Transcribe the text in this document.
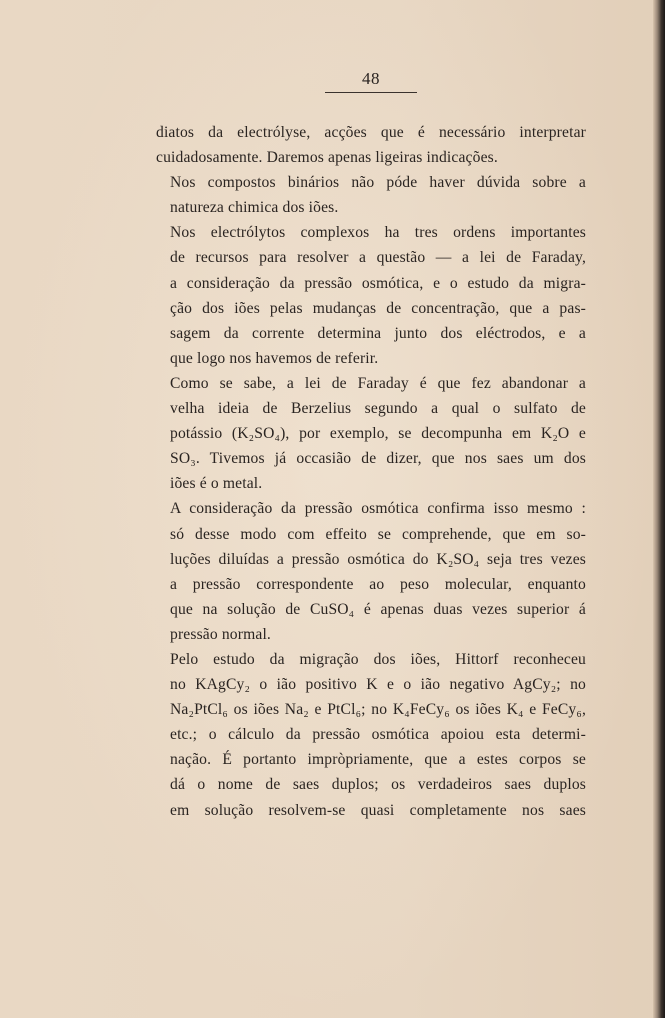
48

diatos da electrólyse, acções que é necessário interpretar
cuidadosamente. Daremos apenas ligeiras indicações.

Nos compostos binários não póde haver dúvida sobre a
natureza chimica dos iões.

Nos electrólytos complexos ha tres ordens importantes
de recursos para resolver a questão — a lei de Faraday,
a consideração da pressão osmótica, e o estudo da migra-
ção dos iões pelas mudanças de concentração, que a pas-
sagem da corrente determina junto dos eléctrodos, e a
que logo nos havemos de referir.

Como se sabe, a lei de Faraday é que fez abandonar a
velha ideia de Berzelius segundo a qual o sulfato de
potássio (K₂SO₄), por exemplo, se decompunha em K₂O e
SO₃. Tivemos já occasião de dizer, que nos saes um dos
iões é o metal.

A consideração da pressão osmótica confirma isso mesmo :
só desse modo com effeito se comprehende, que em so-
luções diluídas a pressão osmótica do K₂SO₄ seja tres vezes
a pressão correspondente ao peso molecular, enquanto
que na solução de CuSO₄ é apenas duas vezes superior á
pressão normal.

Pelo estudo da migração dos iões, Hittorf reconheceu
no KAgCy₂ o ião positivo K e o ião negativo AgCy₂; no
Na₂PtCl₆ os iões Na₂ e PtCl₆; no K₄FeCy₆ os iões K₄ e FeCy₆,
etc.; o cálculo da pressão osmótica apoiou esta determi-
nação. É portanto impròpriamente, que a estes corpos se
dá o nome de saes duplos; os verdadeiros saes duplos
em solução resolvem-se quasi completamente nos saes
